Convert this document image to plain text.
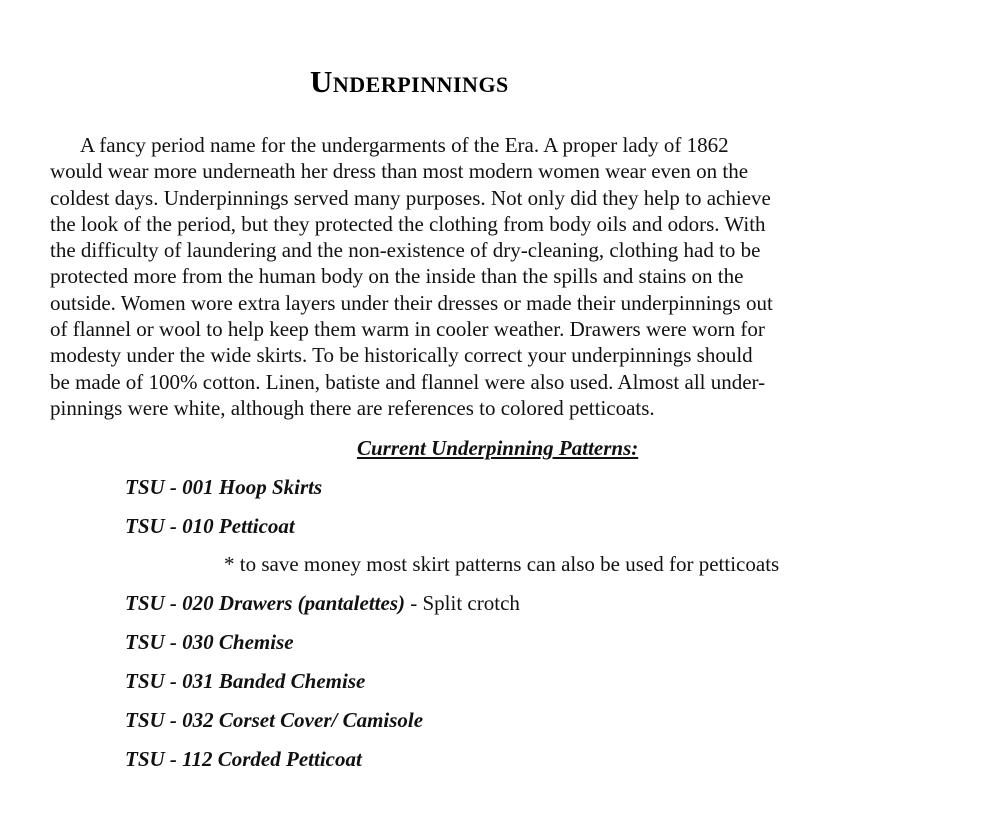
Underpinnings

A fancy period name for the undergarments of the Era. A proper lady of 1862
would wear more underneath her dress than most modern women wear even on the
coldest days. Underpinnings served many purposes. Not only did they help to achieve
the look of the period, but they protected the clothing from body oils and odors. With
the difficulty of laundering and the non-existence of dry-cleaning, clothing had to be
protected more from the human body on the inside than the spills and stains on the
outside. Women wore extra layers under their dresses or made their underpinnings out
of flannel or wool to help keep them warm in cooler weather. Drawers were worn for
modesty under the wide skirts. To be historically correct your underpinnings should
be made of 100% cotton. Linen, batiste and flannel were also used. Almost all under-
pinnings were white, although there are references to colored petticoats.

Current Underpinning Patterns:

TSU - 001 Hoop Skirts

TSU - 010 Petticoat

* to save money most skirt patterns can also be used for petticoats

TSU - 020 Drawers (pantalettes) - Split crotch

TSU - 030 Chemise

TSU - 031 Banded Chemise

TSU - 032 Corset Cover/ Camisole

TSU - 112 Corded Petticoat
